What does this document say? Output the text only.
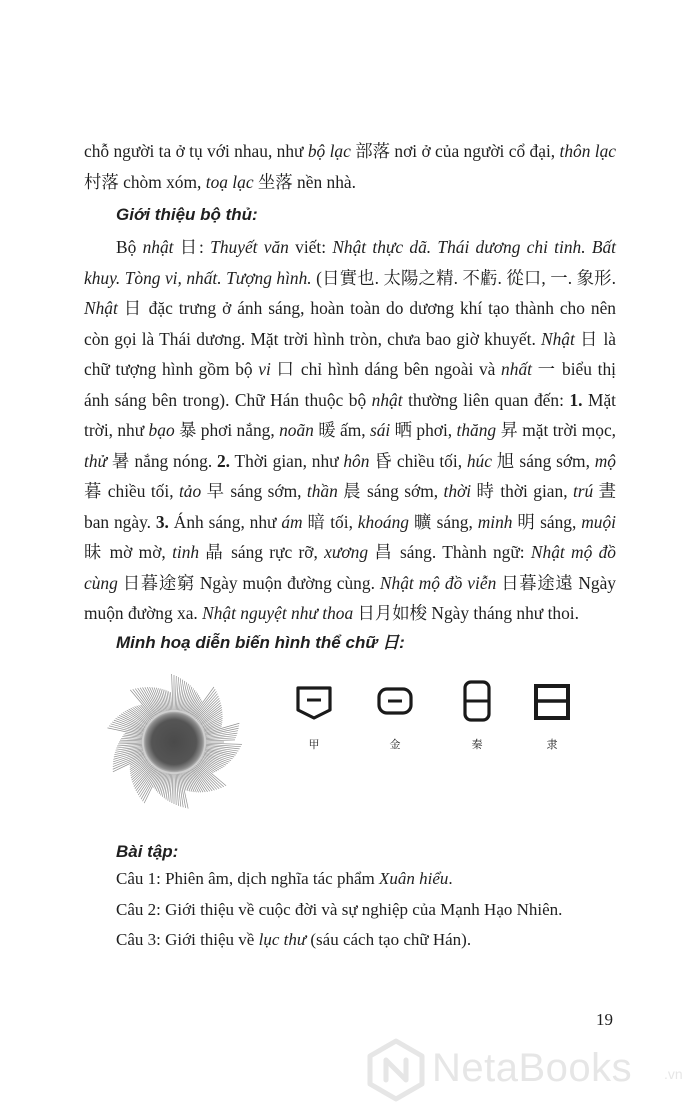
chỗ người ta ở tụ với nhau, như bộ lạc 部落 nơi ở của người cổ đại, thôn lạc 村落 chòm xóm, toạ lạc 坐落 nền nhà.

Giới thiệu bộ thủ:

Bộ nhật 日: Thuyết văn viết: Nhật thực dã. Thái dương chi tinh. Bất khuy. Tòng vi, nhất. Tượng hình. (日實也. 太陽之精. 不虧. 從口, 一. 象形. Nhật 日 đặc trưng ở ánh sáng, hoàn toàn do dương khí tạo thành cho nên còn gọi là Thái dương. Mặt trời hình tròn, chưa bao giờ khuyết. Nhật 日 là chữ tượng hình gồm bộ vi 口 chỉ hình dáng bên ngoài và nhất 一 biểu thị ánh sáng bên trong). Chữ Hán thuộc bộ nhật thường liên quan đến: 1. Mặt trời, như bạo 暴 phơi nắng, noãn 暖 ấm, sái 晒 phơi, thăng 昇 mặt trời mọc, thử 暑 nắng nóng. 2. Thời gian, như hôn 昏 chiều tối, húc 旭 sáng sớm, mộ 暮 chiều tối, tảo 早 sáng sớm, thần 晨 sáng sớm, thời 時 thời gian, trú 晝 ban ngày. 3. Ánh sáng, như ám 暗 tối, khoáng 曠 sáng, minh 明 sáng, muội 昧 mờ mờ, tinh 晶 sáng rực rỡ, xương 昌 sáng. Thành ngữ: Nhật mộ đồ cùng 日暮途窮 Ngày muộn đường cùng. Nhật mộ đồ viễn 日暮途遠 Ngày muộn đường xa. Nhật nguyệt như thoa 日月如梭 Ngày tháng như thoi.

Minh hoạ diễn biến hình thể chữ 日:
甲	金	秦	隶
Bài tập:
Câu 1: Phiên âm, dịch nghĩa tác phẩm Xuân hiểu.
Câu 2: Giới thiệu về cuộc đời và sự nghiệp của Mạnh Hạo Nhiên.
Câu 3: Giới thiệu về lục thư (sáu cách tạo chữ Hán).
19
NetaBooks .vn
